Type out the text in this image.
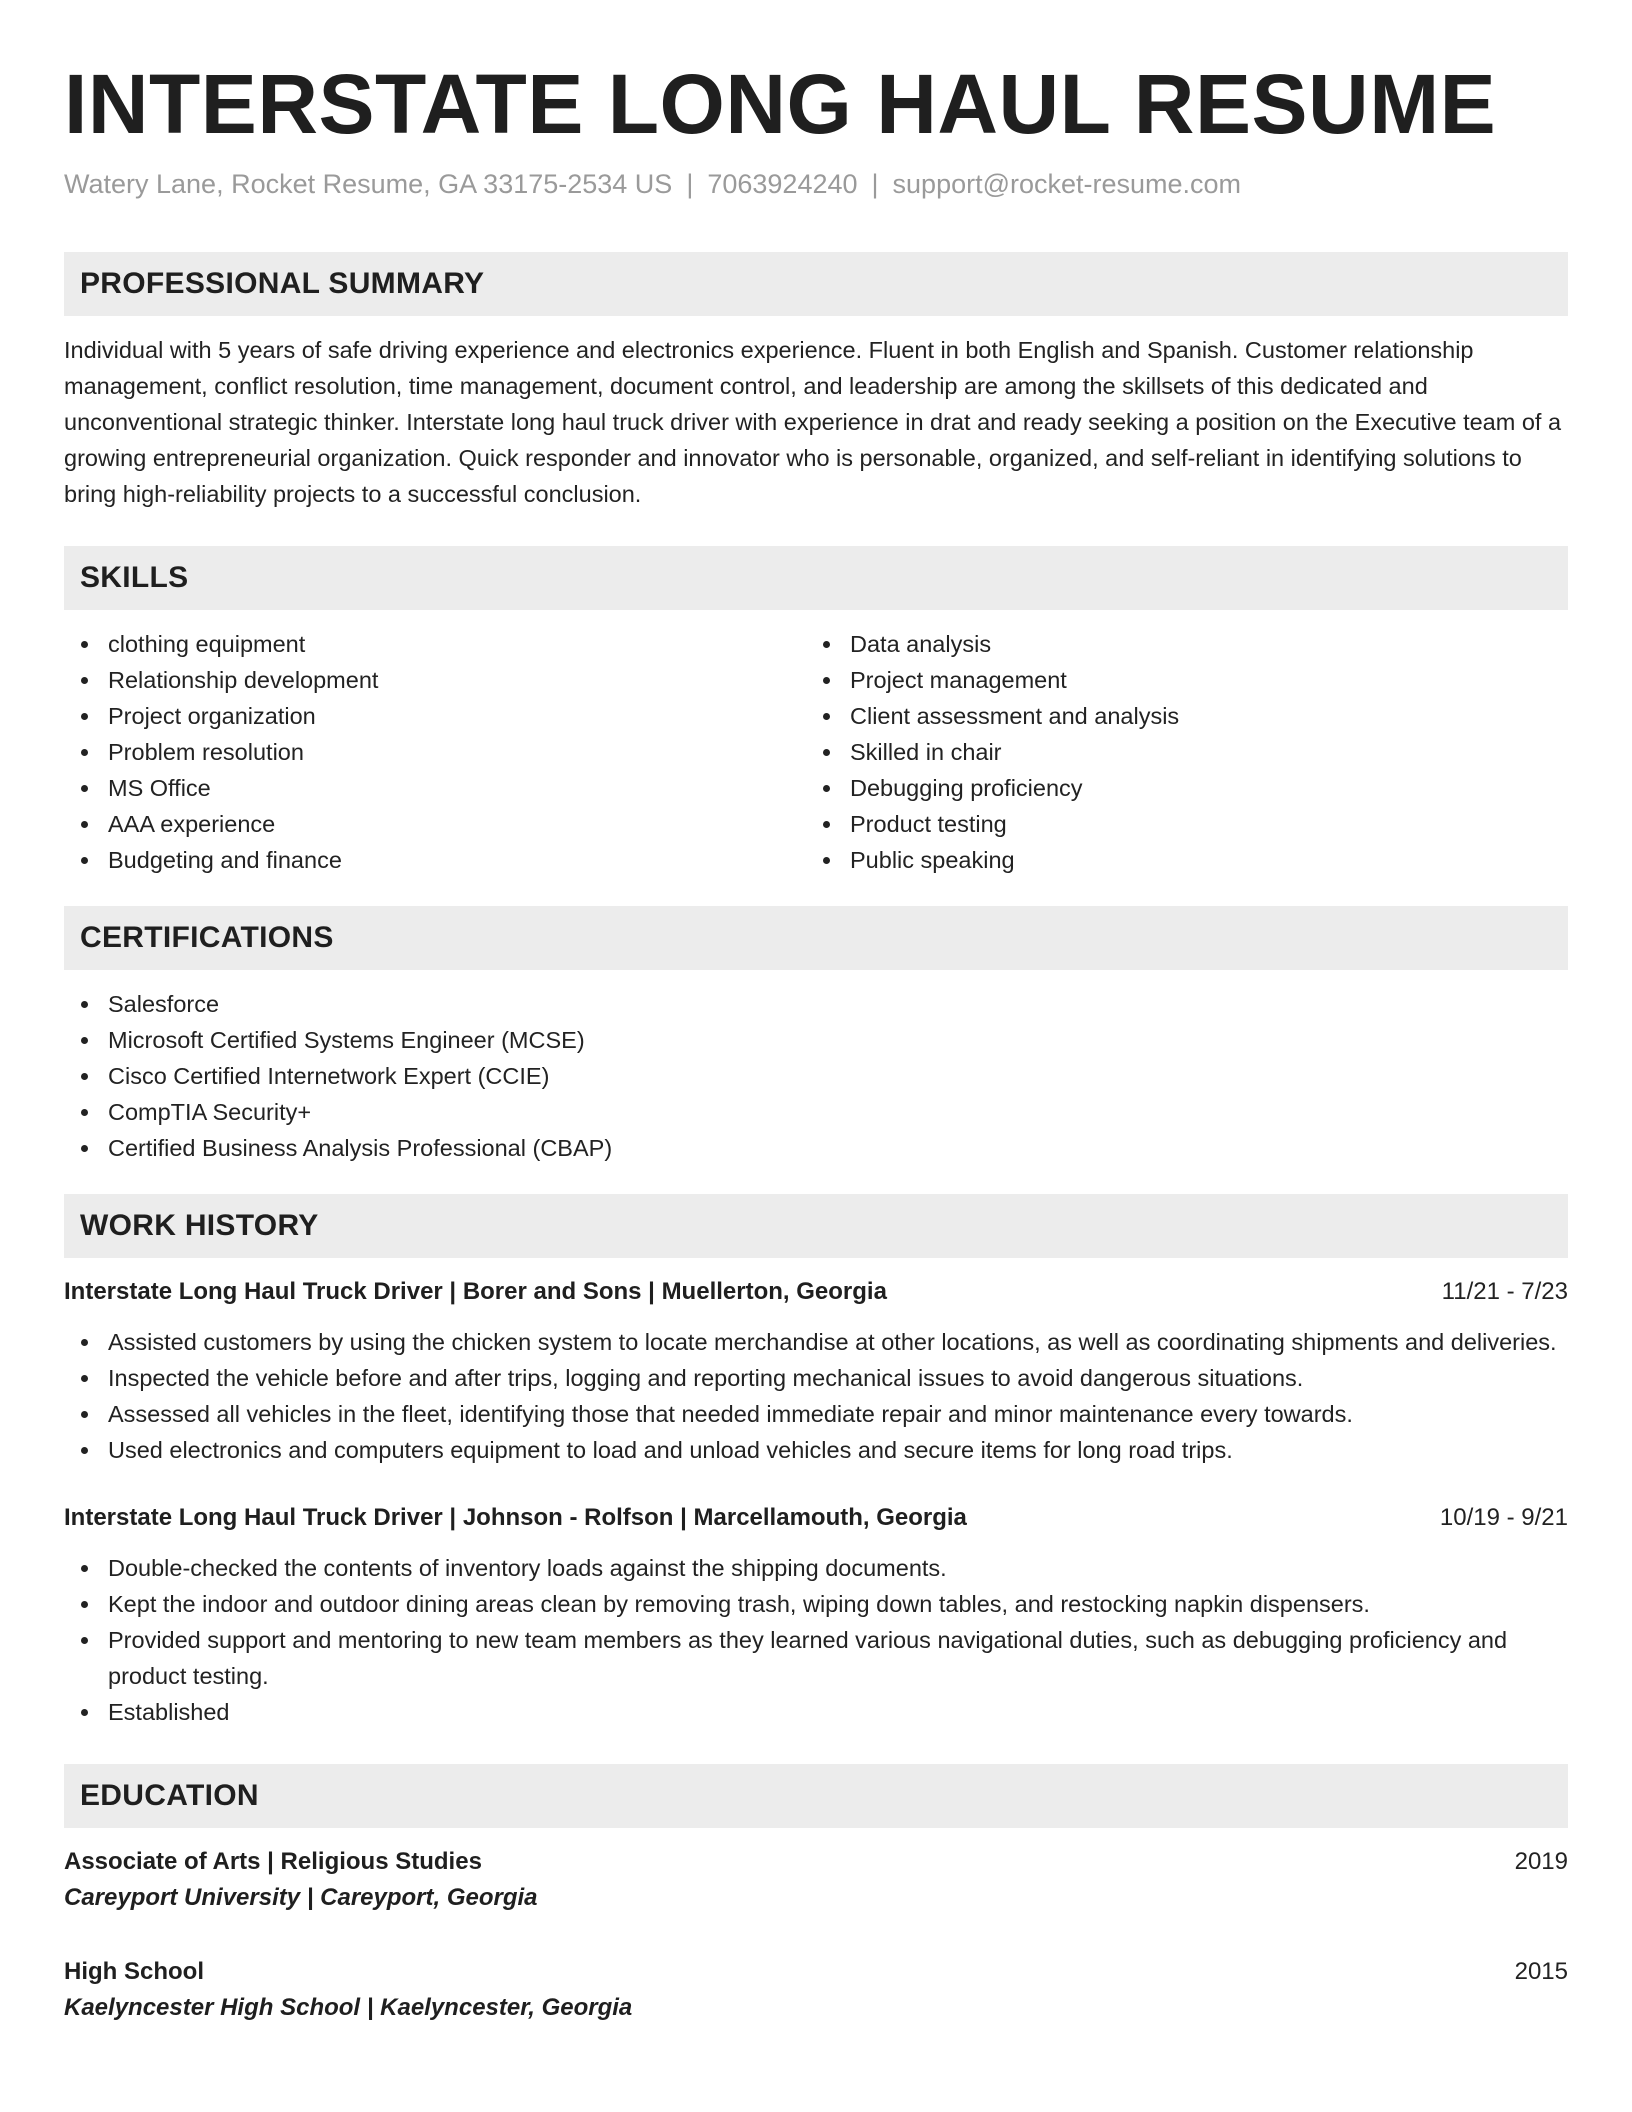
INTERSTATE LONG HAUL RESUME
Watery Lane, Rocket Resume, GA 33175-2534 US | 7063924240 | support@rocket-resume.com
PROFESSIONAL SUMMARY

Individual with 5 years of safe driving experience and electronics experience. Fluent in both English and Spanish. Customer relationship management, conflict resolution, time management, document control, and leadership are among the skillsets of this dedicated and unconventional strategic thinker. Interstate long haul truck driver with experience in drat and ready seeking a position on the Executive team of a growing entrepreneurial organization. Quick responder and innovator who is personable, organized, and self-reliant in identifying solutions to bring high-reliability projects to a successful conclusion.

SKILLS
clothing equipment
Relationship development
Project organization
Problem resolution
MS Office
AAA experience
Budgeting and finance
Data analysis
Project management
Client assessment and analysis
Skilled in chair
Debugging proficiency
Product testing
Public speaking
CERTIFICATIONS
Salesforce
Microsoft Certified Systems Engineer (MCSE)
Cisco Certified Internetwork Expert (CCIE)
CompTIA Security+
Certified Business Analysis Professional (CBAP)
WORK HISTORY
Interstate Long Haul Truck Driver | Borer and Sons | Muellerton, Georgia	11/21 - 7/23
Assisted customers by using the chicken system to locate merchandise at other locations, as well as coordinating shipments and deliveries.
Inspected the vehicle before and after trips, logging and reporting mechanical issues to avoid dangerous situations.
Assessed all vehicles in the fleet, identifying those that needed immediate repair and minor maintenance every towards.
Used electronics and computers equipment to load and unload vehicles and secure items for long road trips.
Interstate Long Haul Truck Driver | Johnson - Rolfson | Marcellamouth, Georgia	10/19 - 9/21
Double-checked the contents of inventory loads against the shipping documents.
Kept the indoor and outdoor dining areas clean by removing trash, wiping down tables, and restocking napkin dispensers.
Provided support and mentoring to new team members as they learned various navigational duties, such as debugging proficiency and product testing.
Established
EDUCATION
Associate of Arts | Religious Studies	2019
Careyport University | Careyport, Georgia
High School	2015
Kaelyncester High School | Kaelyncester, Georgia
